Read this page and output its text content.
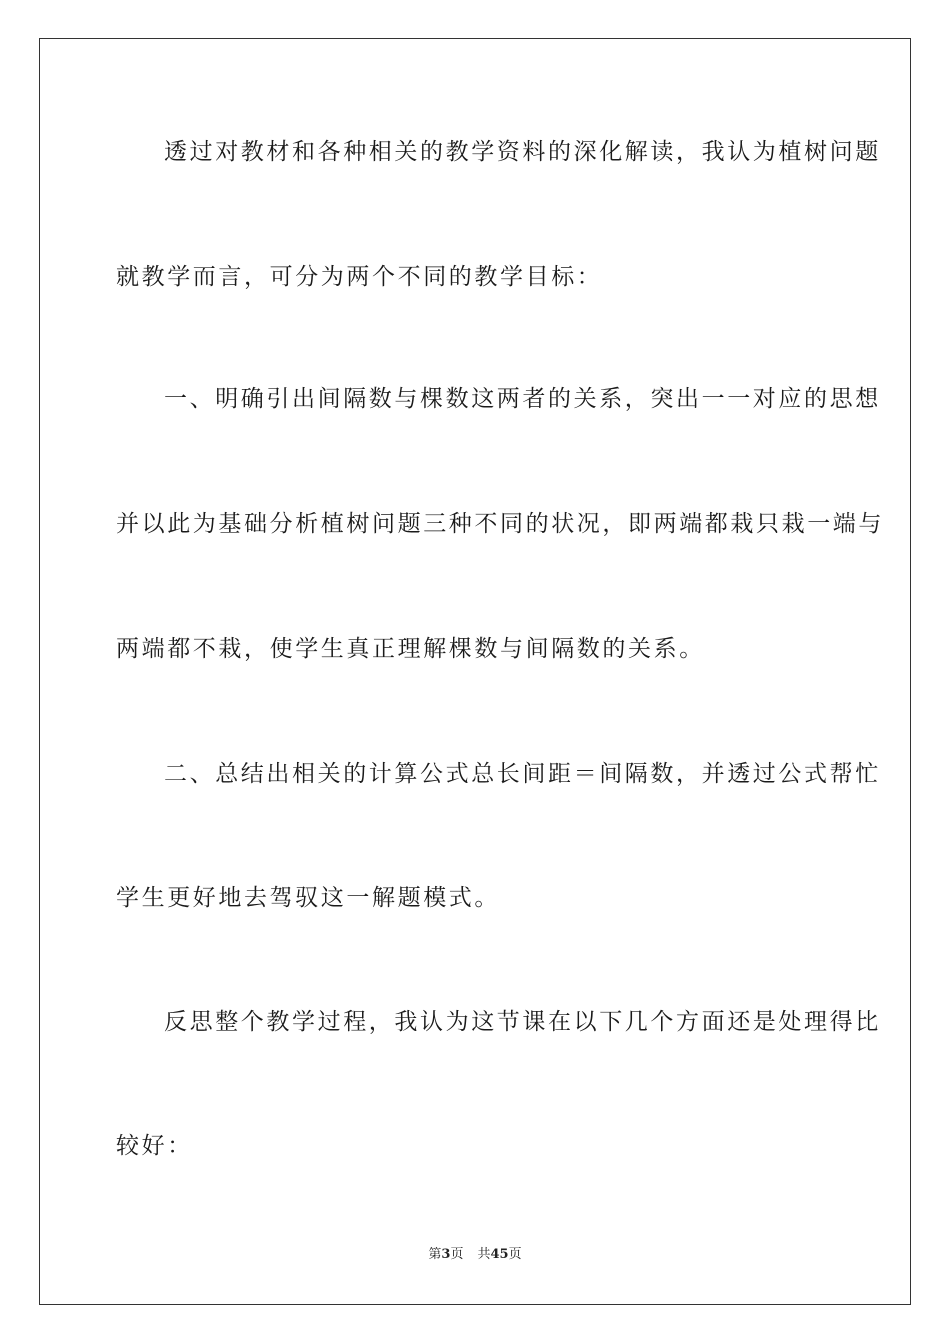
透过对教材和各种相关的教学资料的深化解读，我认为植树问题
就教学而言，可分为两个不同的教学目标：
一、明确引出间隔数与棵数这两者的关系，突出一一对应的思想
并以此为基础分析植树问题三种不同的状况，即两端都栽只栽一端与
两端都不栽，使学生真正理解棵数与间隔数的关系。
二、总结出相关的计算公式总长间距＝间隔数，并透过公式帮忙
学生更好地去驾驭这一解题模式。
反思整个教学过程，我认为这节课在以下几个方面还是处理得比
较好：
第3页 共45页
